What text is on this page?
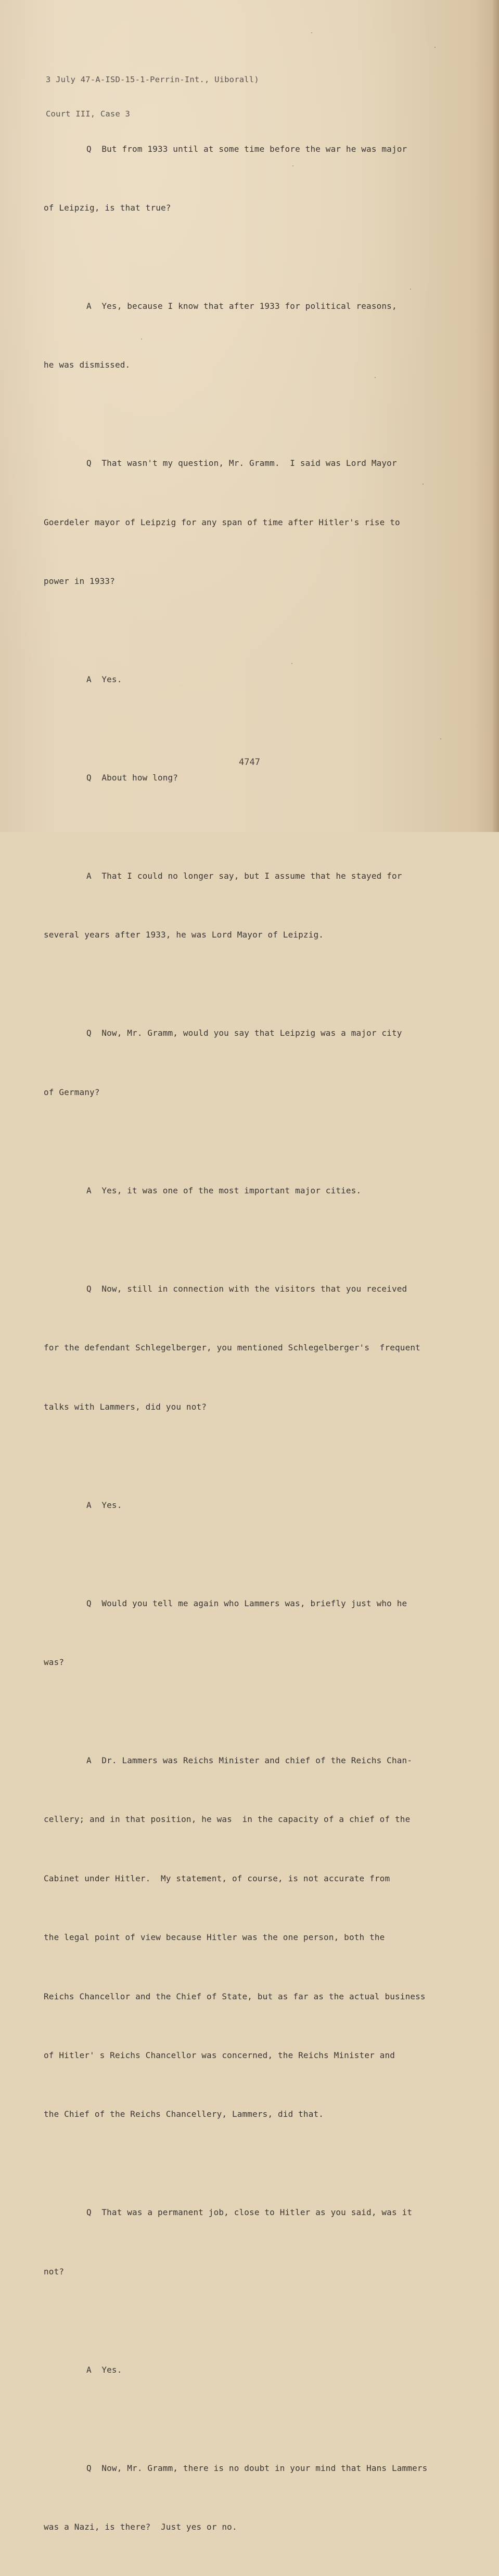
3 July 47-A-ISD-15-1-Perrin-Int., Uiborall)

Court III, Case 3

Q  But from 1933 until at some time before the war he was major

of Leipzig, is that true?

A  Yes, because I know that after 1933 for political reasons,

he was dismissed.

Q  That wasn't my question, Mr. Gramm.  I said was Lord Mayor

Goerdeler mayor of Leipzig for any span of time after Hitler's rise to

power in 1933?

A  Yes.

Q  About how long?

A  That I could no longer say, but I assume that he stayed for

several years after 1933, he was Lord Mayor of Leipzig.

Q  Now, Mr. Gramm, would you say that Leipzig was a major city

of Germany?

A  Yes, it was one of the most important major cities.

Q  Now, still in connection with the visitors that you received

for the defendant Schlegelberger, you mentioned Schlegelberger's  frequent

talks with Lammers, did you not?

A  Yes.

Q  Would you tell me again who Lammers was, briefly just who he

was?

A  Dr. Lammers was Reichs Minister and chief of the Reichs Chan-

cellery; and in that position, he was  in the capacity of a chief of the

Cabinet under Hitler.  My statement, of course, is not accurate from

the legal point of view because Hitler was the one person, both the

Reichs Chancellor and the Chief of State, but as far as the actual business

of Hitler' s Reichs Chancellor was concerned, the Reichs Minister and

the Chief of the Reichs Chancellery, Lammers, did that.

Q  That was a permanent job, close to Hitler as you said, was it

not?

A  Yes.

Q  Now, Mr. Gramm, there is no doubt in your mind that Hans Lammers

was a Nazi, is there?  Just yes or no.

4747
